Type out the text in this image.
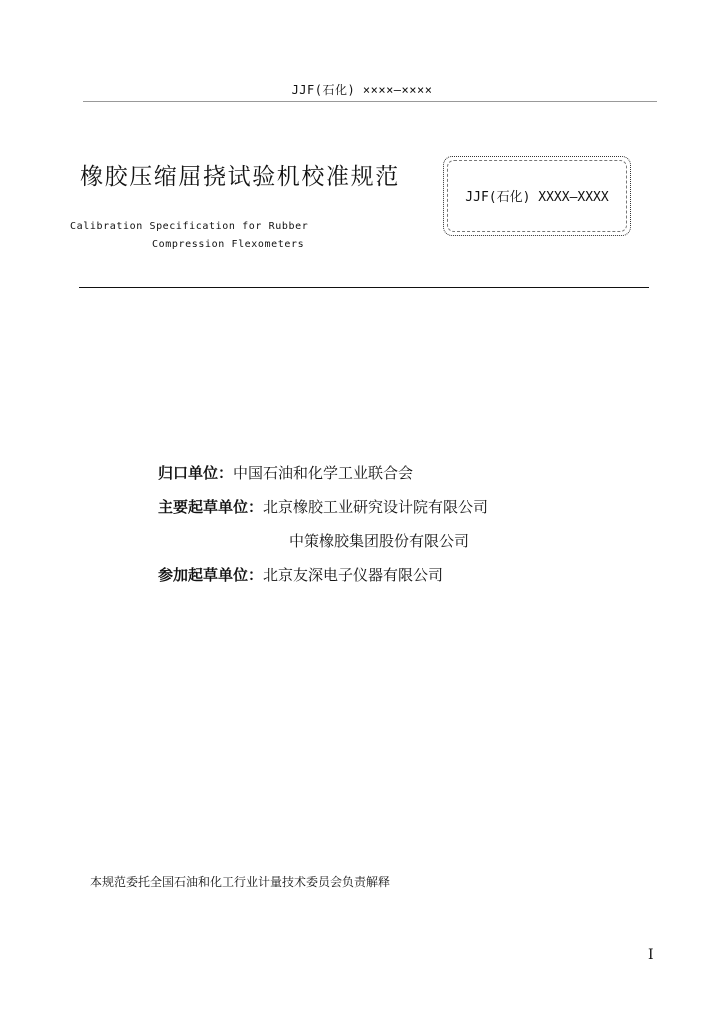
JJF(石化) ××××—××××
橡胶压缩屈挠试验机校准规范
JJF(石化) XXXX—XXXX
Calibration Specification for Rubber
Compression Flexometers
归口单位：中国石油和化学工业联合会
主要起草单位：北京橡胶工业研究设计院有限公司
中策橡胶集团股份有限公司
参加起草单位：北京友深电子仪器有限公司
本规范委托全国石油和化工行业计量技术委员会负责解释
I
